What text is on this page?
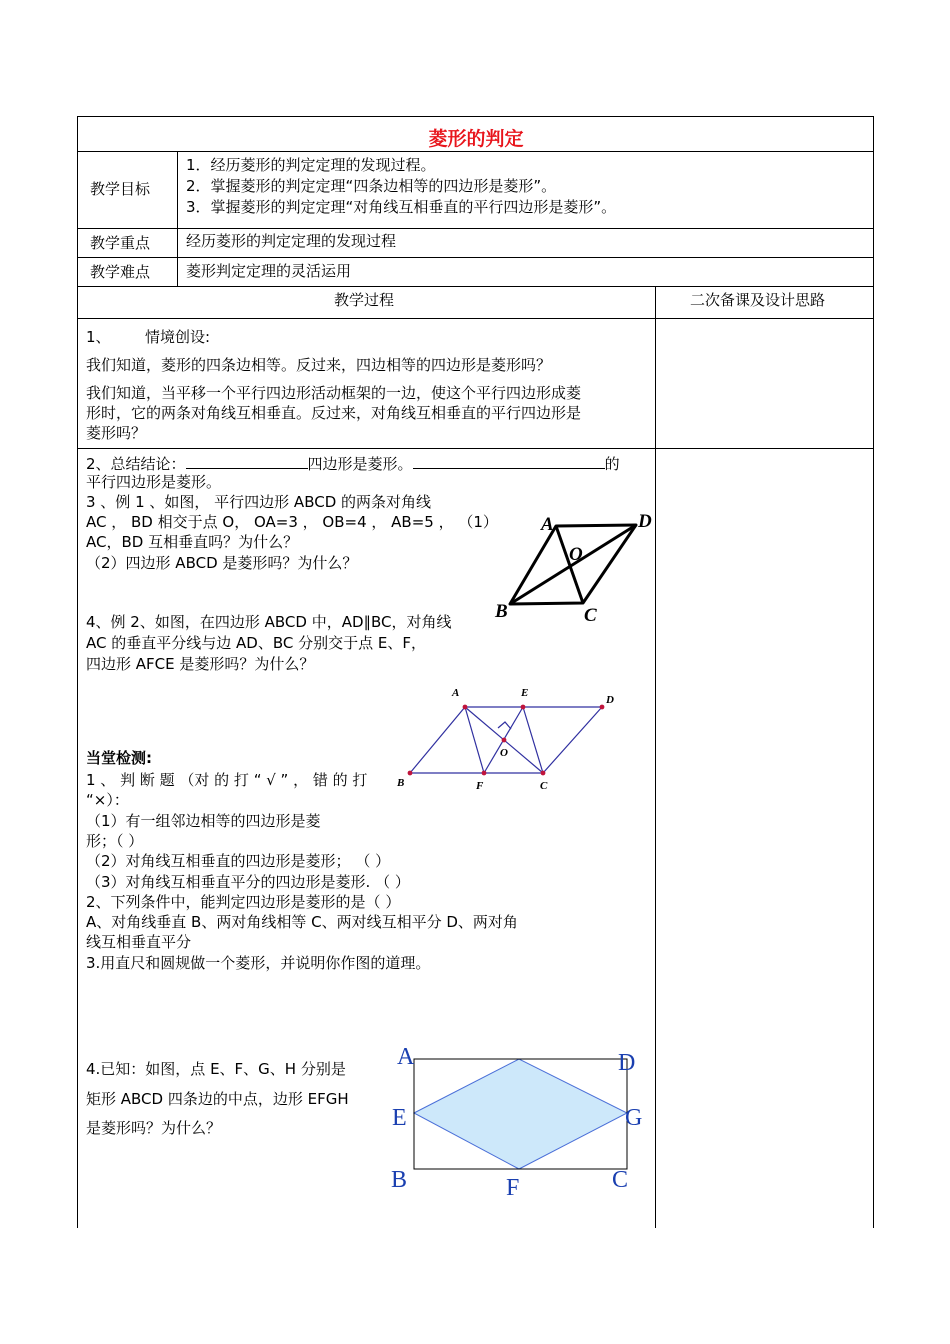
菱形的判定
教学目标
1．经历菱形的判定定理的发现过程。
2．掌握菱形的判定定理“四条边相等的四边形是菱形”。
3．掌握菱形的判定定理“对角线互相垂直的平行四边形是菱形”。
教学重点 经历菱形的判定定理的发现过程
教学难点 菱形判定定理的灵活运用
教学过程	二次备课及设计思路
1、 情境创设:
我们知道，菱形的四条边相等。反过来，四边相等的四边形是菱形吗？
我们知道，当平移一个平行四边形活动框架的一边，使这个平行四边形成菱
形时，它的两条对角线互相垂直。反过来，对角线互相垂直的平行四边形是
菱形吗？
2、总结结论：	四边形是菱形。	的
平行四边形是菱形。
3 、例 1 、如图， 平行四边形 ABCD 的两条对角线
AC ， BD 相交于点 O， OA=3 ， OB=4 ， AB=5 ， （1）
AC，BD 互相垂直吗？为什么？
（2）四边形 ABCD 是菱形吗？为什么？
A	D
O
B	C
4、例 2、如图，在四边形 ABCD 中，AD∥BC，对角线
AC 的垂直平分线与边 AD、BC 分别交于点 E、F，
四边形 AFCE 是菱形吗？为什么？
A	E
D
O
B	F	C
当堂检测:
1 、 判 断 题 （对 的 打 “ √ ” ， 错 的 打
“×）：
（1）有一组邻边相等的四边形是菱
形；（ ）
（2）对角线互相垂直的四边形是菱形； （ ）
（3）对角线互相垂直平分的四边形是菱形. （ ）
2、下列条件中，能判定四边形是菱形的是（ ）
A、对角线垂直 B、两对角线相等 C、两对线互相平分 D、两对角
线互相垂直平分
3.用直尺和圆规做一个菱形，并说明你作图的道理。
4.已知：如图，点 E、F、G、H 分别是
矩形 ABCD 四条边的中点，边形 EFGH
是菱形吗？为什么？
A	D
E	G
B	F	C
